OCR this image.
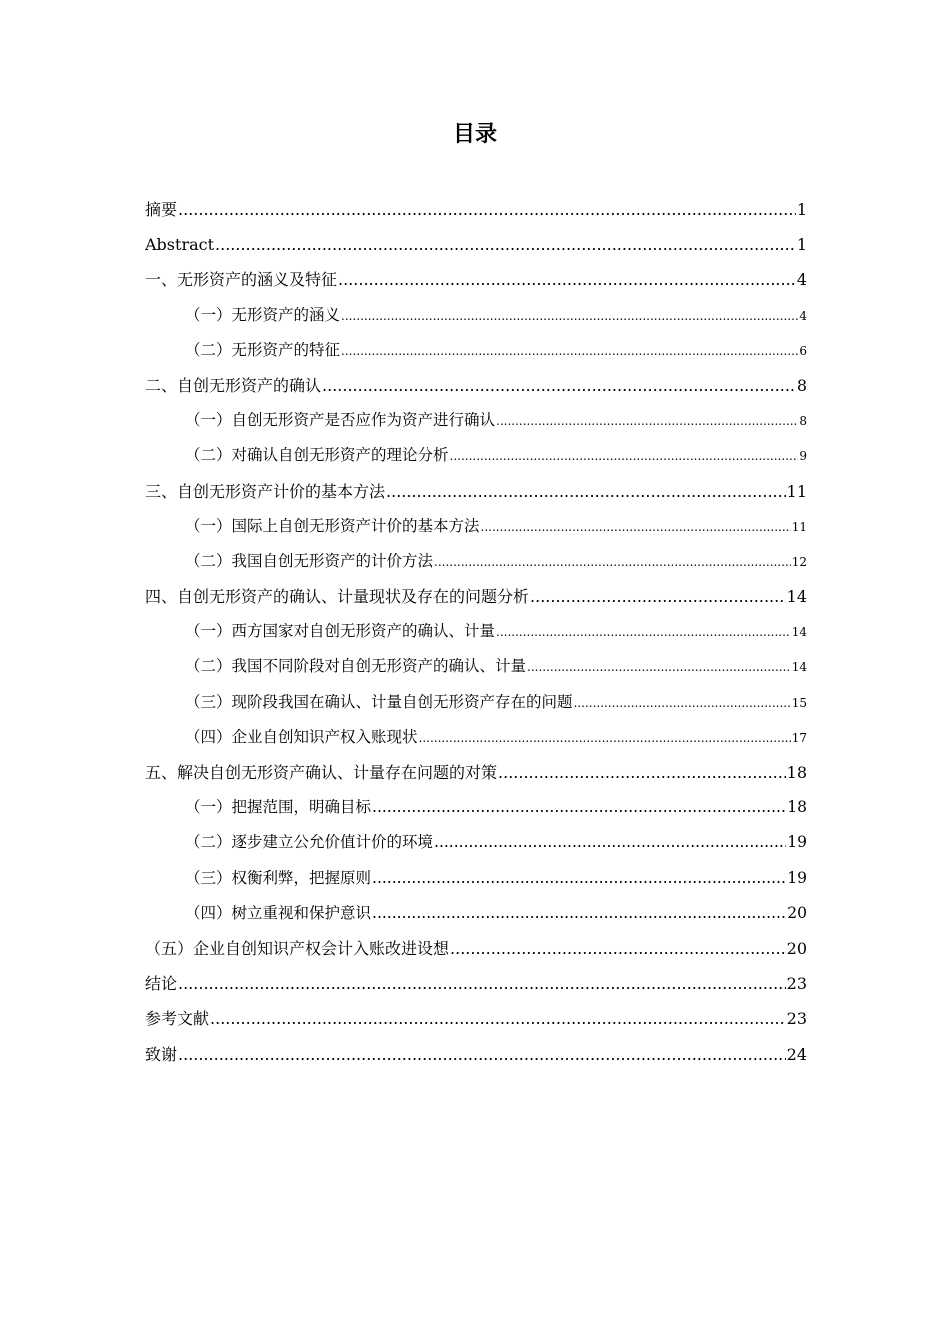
目录
摘要 .....	1
Abstract .....	1
一、无形资产的涵义及特征 .....	4
（一）无形资产的涵义 .....	4
（二）无形资产的特征 .....	6
二、自创无形资产的确认 .....	8
（一）自创无形资产是否应作为资产进行确认 .....	8
（二）对确认自创无形资产的理论分析 .....	9
三、自创无形资产计价的基本方法 .....	11
（一）国际上自创无形资产计价的基本方法 .....	11
（二）我国自创无形资产的计价方法 .....	12
四、自创无形资产的确认、计量现状及存在的问题分析 .....	14
（一）西方国家对自创无形资产的确认、计量 .....	14
（二）我国不同阶段对自创无形资产的确认、计量 .....	14
（三）现阶段我国在确认、计量自创无形资产存在的问题 .....	15
（四）企业自创知识产权入账现状 .....	17
五、解决自创无形资产确认、计量存在问题的对策 .....	18
（一）把握范围，明确目标 .....	18
（二）逐步建立公允价值计价的环境 .....	19
（三）权衡利弊，把握原则 .....	19
（四）树立重视和保护意识 .....	20
（五）企业自创知识产权会计入账改进设想 .....	20
结论 .....	23
参考文献 .....	23
致谢 .....	24
